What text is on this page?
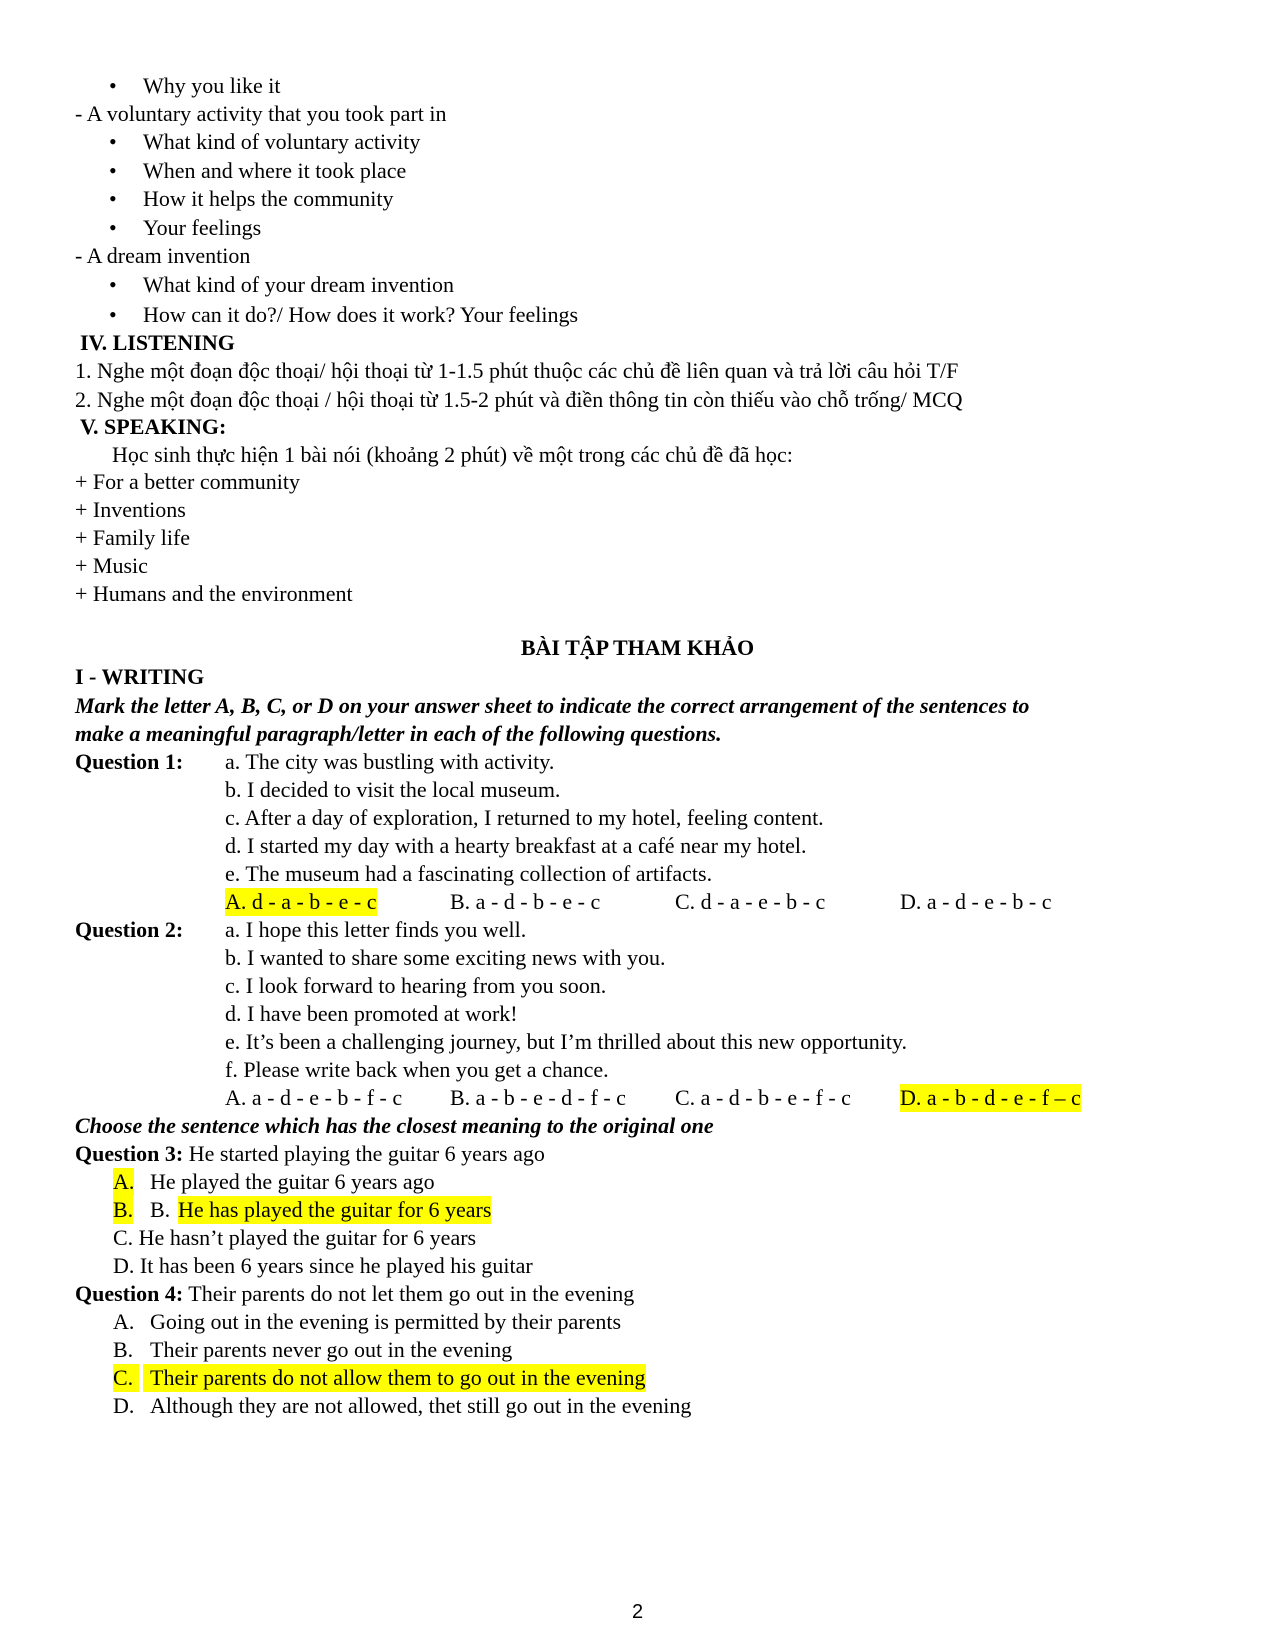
• Why you like it
- A voluntary activity that you took part in
• What kind of voluntary activity
• When and where it took place
• How it helps the community
• Your feelings
- A dream invention
• What kind of your dream invention
• How can it do?/ How does it work? Your feelings
IV. LISTENING
1. Nghe một đoạn độc thoại/ hội thoại từ 1-1.5 phút thuộc các chủ đề liên quan và trả lời câu hỏi T/F
2. Nghe một đoạn độc thoại / hội thoại từ 1.5-2 phút và điền thông tin còn thiếu vào chỗ trống/ MCQ
V. SPEAKING:
Học sinh thực hiện 1 bài nói (khoảng 2 phút) về một trong các chủ đề đã học:
+ For a better community
+ Inventions
+ Family life
+ Music
+ Humans and the environment
BÀI TẬP THAM KHẢO
I - WRITING
Mark the letter A, B, C, or D on your answer sheet to indicate the correct arrangement of the sentences to
make a meaningful paragraph/letter in each of the following questions.
Question 1: a. The city was bustling with activity.
b. I decided to visit the local museum.
c. After a day of exploration, I returned to my hotel, feeling content.
d. I started my day with a hearty breakfast at a café near my hotel.
e. The museum had a fascinating collection of artifacts.
A. d - a - b - e - c	B. a - d - b - e - c	C. d - a - e - b - c	D. a - d - e - b - c
Question 2: a. I hope this letter finds you well.
b. I wanted to share some exciting news with you.
c. I look forward to hearing from you soon.
d. I have been promoted at work!
e. It’s been a challenging journey, but I’m thrilled about this new opportunity.
f. Please write back when you get a chance.
A. a - d - e - b - f - c B. a - b - e - d - f - c C. a - d - b - e - f - c D. a - b - d - e - f – c
Choose the sentence which has the closest meaning to the original one
Question 3: He started playing the guitar 6 years ago
A. He played the guitar 6 years ago
B. B. He has played the guitar for 6 years
C. He hasn’t played the guitar for 6 years
D. It has been 6 years since he played his guitar
Question 4: Their parents do not let them go out in the evening
A. Going out in the evening is permitted by their parents
B. Their parents never go out in the evening
C. Their parents do not allow them to go out in the evening
D. Although they are not allowed, thet still go out in the evening
2
